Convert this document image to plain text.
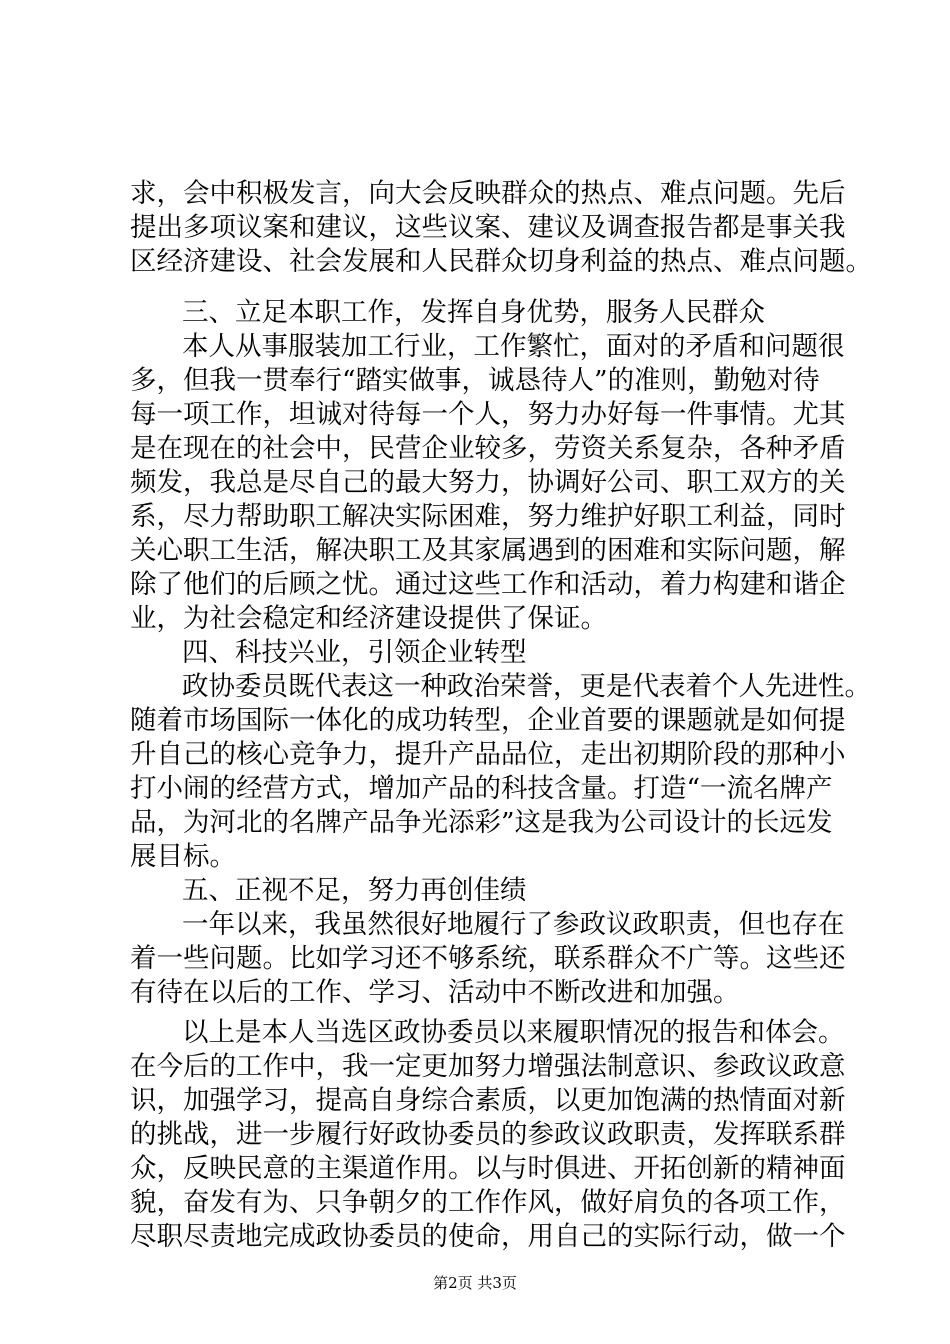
求，会中积极发言，向大会反映群众的热点、难点问题。先后
提出多项议案和建议，这些议案、建议及调查报告都是事关我
区经济建设、社会发展和人民群众切身利益的热点、难点问题。
三、立足本职工作，发挥自身优势，服务人民群众
本人从事服装加工行业，工作繁忙，面对的矛盾和问题很
多，但我一贯奉行“踏实做事，诚恳待人”的准则，勤勉对待
每一项工作，坦诚对待每一个人，努力办好每一件事情。尤其
是在现在的社会中，民营企业较多，劳资关系复杂，各种矛盾
频发，我总是尽自己的最大努力，协调好公司、职工双方的关
系，尽力帮助职工解决实际困难，努力维护好职工利益，同时
关心职工生活，解决职工及其家属遇到的困难和实际问题，解
除了他们的后顾之忧。通过这些工作和活动，着力构建和谐企
业，为社会稳定和经济建设提供了保证。
四、科技兴业，引领企业转型
政协委员既代表这一种政治荣誉，更是代表着个人先进性。
随着市场国际一体化的成功转型，企业首要的课题就是如何提
升自己的核心竞争力，提升产品品位，走出初期阶段的那种小
打小闹的经营方式，增加产品的科技含量。打造“一流名牌产
品，为河北的名牌产品争光添彩”这是我为公司设计的长远发
展目标。
五、正视不足，努力再创佳绩
一年以来，我虽然很好地履行了参政议政职责，但也存在
着一些问题。比如学习还不够系统，联系群众不广等。这些还
有待在以后的工作、学习、活动中不断改进和加强。
以上是本人当选区政协委员以来履职情况的报告和体会。
在今后的工作中，我一定更加努力增强法制意识、参政议政意
识，加强学习，提高自身综合素质，以更加饱满的热情面对新
的挑战，进一步履行好政协委员的参政议政职责，发挥联系群
众，反映民意的主渠道作用。以与时俱进、开拓创新的精神面
貌，奋发有为、只争朝夕的工作作风，做好肩负的各项工作，
尽职尽责地完成政协委员的使命，用自己的实际行动，做一个
第2页 共3页
